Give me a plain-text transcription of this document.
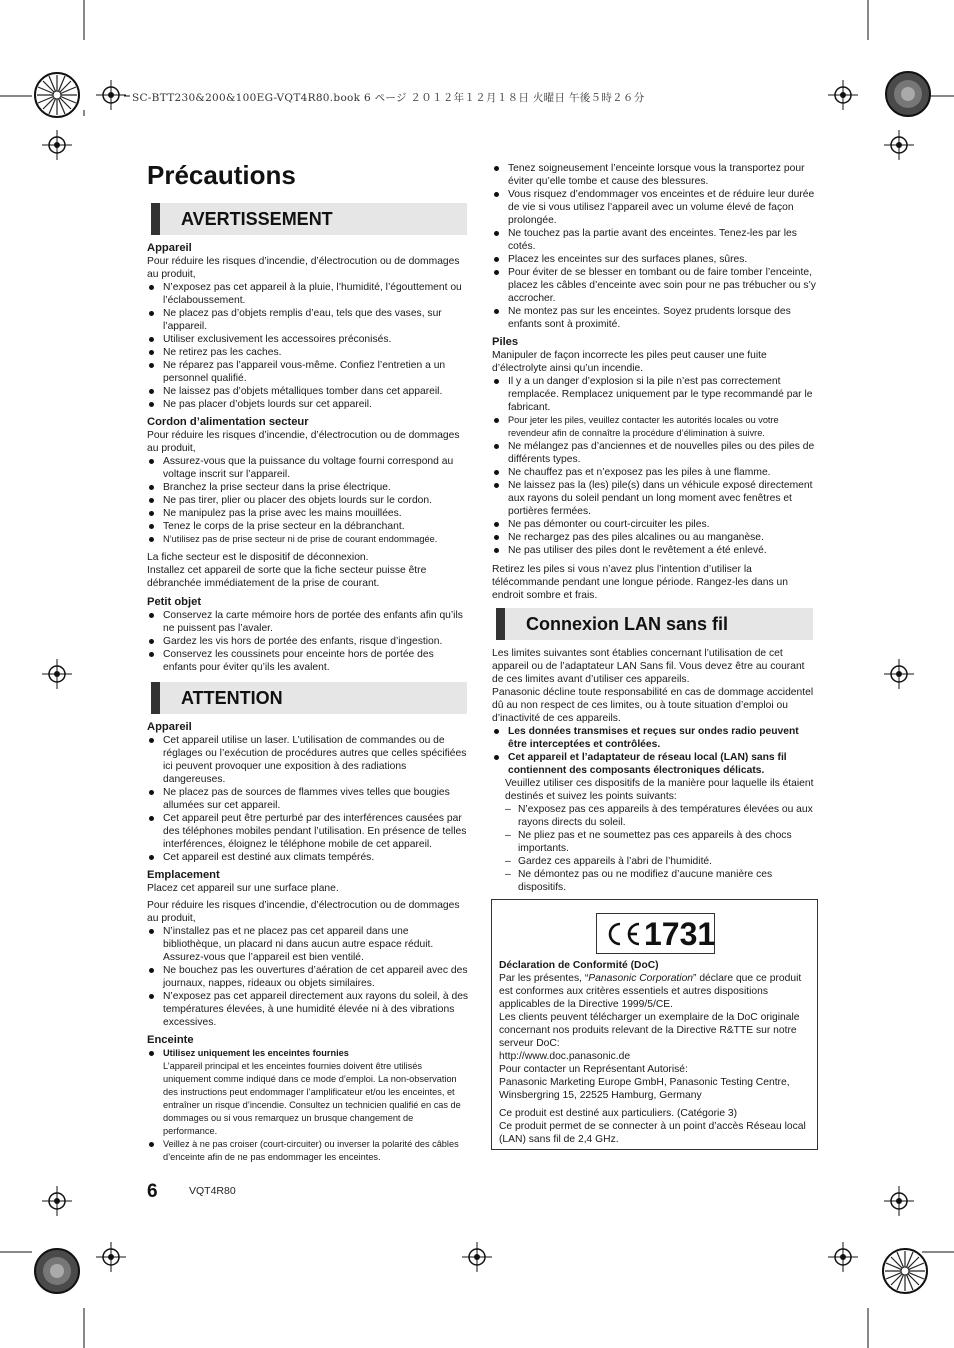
SC-BTT230&200&100EG-VQT4R80.book 6 ページ ２０１２年１２月１８日 火曜日 午後５時２６分
Précautions
AVERTISSEMENT
Appareil

Pour réduire les risques d’incendie, d’électrocution ou de dommages au produit,

N’exposez pas cet appareil à la pluie, l’humidité, l’égouttement ou l’éclaboussement.
Ne placez pas d’objets remplis d’eau, tels que des vases, sur l’appareil.
Utiliser exclusivement les accessoires préconisés.
Ne retirez pas les caches.
Ne réparez pas l’appareil vous-même. Confiez l’entretien a un personnel qualifié.
Ne laissez pas d’objets métalliques tomber dans cet appareil.
Ne pas placer d’objets lourds sur cet appareil.
Cordon d’alimentation secteur

Pour réduire les risques d’incendie, d’électrocution ou de dommages au produit,

Assurez-vous que la puissance du voltage fourni correspond au voltage inscrit sur l’appareil.
Branchez la prise secteur dans la prise électrique.
Ne pas tirer, plier ou placer des objets lourds sur le cordon.
Ne manipulez pas la prise avec les mains mouillées.
Tenez le corps de la prise secteur en la débranchant.
N’utilisez pas de prise secteur ni de prise de courant endommagée.

La fiche secteur est le dispositif de déconnexion.

Installez cet appareil de sorte que la fiche secteur puisse être débranchée immédiatement de la prise de courant.

Petit objet
Conservez la carte mémoire hors de portée des enfants afin qu’ils ne puissent pas l’avaler.
Gardez les vis hors de portée des enfants, risque d’ingestion.
Conservez les coussinets pour enceinte hors de portée des enfants pour éviter qu’ils les avalent.
ATTENTION
Appareil
Cet appareil utilise un laser. L’utilisation de commandes ou de réglages ou l’exécution de procédures autres que celles spécifiées ici peuvent provoquer une exposition à des radiations dangereuses.
Ne placez pas de sources de flammes vives telles que bougies allumées sur cet appareil.
Cet appareil peut être perturbé par des interférences causées par des téléphones mobiles pendant l’utilisation. En présence de telles interférences, éloignez le téléphone mobile de cet appareil.
Cet appareil est destiné aux climats tempérés.
Emplacement

Placez cet appareil sur une surface plane.

Pour réduire les risques d’incendie, d’électrocution ou de dommages au produit,

N’installez pas et ne placez pas cet appareil dans une bibliothèque, un placard ni dans aucun autre espace réduit. Assurez-vous que l’appareil est bien ventilé.
Ne bouchez pas les ouvertures d’aération de cet appareil avec des journaux, nappes, rideaux ou objets similaires.
N’exposez pas cet appareil directement aux rayons du soleil, à des températures élevées, à une humidité élevée ni à des vibrations excessives.
Enceinte
Utilisez uniquement les enceintes fournies
L’appareil principal et les enceintes fournies doivent être utilisés uniquement comme indiqué dans ce mode d’emploi. La non-observation des instructions peut endommager l’amplificateur et/ou les enceintes, et entraîner un risque d’incendie. Consultez un technicien qualifié en cas de dommages ou si vous remarquez un brusque changement de performance.
Veillez à ne pas croiser (court-circuiter) ou inverser la polarité des câbles d’enceinte afin de ne pas endommager les enceintes.
Tenez soigneusement l’enceinte lorsque vous la transportez pour éviter qu’elle tombe et cause des blessures.
Vous risquez d’endommager vos enceintes et de réduire leur durée de vie si vous utilisez l’appareil avec un volume élevé de façon prolongée.
Ne touchez pas la partie avant des enceintes. Tenez-les par les cotés.
Placez les enceintes sur des surfaces planes, sûres.
Pour éviter de se blesser en tombant ou de faire tomber l’enceinte, placez les câbles d’enceinte avec soin pour ne pas trébucher ou s’y accrocher.
Ne montez pas sur les enceintes. Soyez prudents lorsque des enfants sont à proximité.
Piles

Manipuler de façon incorrecte les piles peut causer une fuite d’électrolyte ainsi qu’un incendie.

Il y a un danger d’explosion si la pile n’est pas correctement remplacée. Remplacez uniquement par le type recommandé par le fabricant.
Pour jeter les piles, veuillez contacter les autorités locales ou votre revendeur afin de connaître la procédure d’élimination à suivre.
Ne mélangez pas d’anciennes et de nouvelles piles ou des piles de différents types.
Ne chauffez pas et n’exposez pas les piles à une flamme.
Ne laissez pas la (les) pile(s) dans un véhicule exposé directement aux rayons du soleil pendant un long moment avec fenêtres et portières fermées.
Ne pas démonter ou court-circuiter les piles.
Ne rechargez pas des piles alcalines ou au manganèse.
Ne pas utiliser des piles dont le revêtement a été enlevé.

Retirez les piles si vous n’avez plus l’intention d’utiliser la télécommande pendant une longue période. Rangez-les dans un endroit sombre et frais.

Connexion LAN sans fil

Les limites suivantes sont établies concernant l’utilisation de cet appareil ou de l’adaptateur LAN Sans fil. Vous devez être au courant de ces limites avant d’utiliser ces appareils.

Panasonic décline toute responsabilité en cas de dommage accidentel dû au non respect de ces limites, ou à toute situation d’emploi ou d’inactivité de ces appareils.

Les données transmises et reçues sur ondes radio peuvent être interceptées et contrôlées.
Cet appareil et l’adaptateur de réseau local (LAN) sans fil contiennent des composants électroniques délicats.

Veuillez utiliser ces dispositifs de la manière pour laquelle ils étaient destinés et suivez les points suivants:

– N’exposez pas ces appareils à des températures élevées ou aux rayons directs du soleil.
– Ne pliez pas et ne soumettez pas ces appareils à des chocs importants.
– Gardez ces appareils à l’abri de l’humidité.
– Ne démontez pas ou ne modifiez d’aucune manière ces dispositifs.
1731

Déclaration de Conformité (DoC)

Par les présentes, “Panasonic Corporation” déclare que ce produit est conformes aux critères essentiels et autres dispositions applicables de la Directive 1999/5/CE.

Les clients peuvent télécharger un exemplaire de la DoC originale concernant nos produits relevant de la Directive R&TTE sur notre serveur DoC:

http://www.doc.panasonic.de

Pour contacter un Représentant Autorisé:

Panasonic Marketing Europe GmbH, Panasonic Testing Centre, Winsbergring 15, 22525 Hamburg, Germany

Ce produit est destiné aux particuliers. (Catégorie 3)

Ce produit permet de se connecter à un point d’accès Réseau local (LAN) sans fil de 2,4 GHz.

6	VQT4R80
